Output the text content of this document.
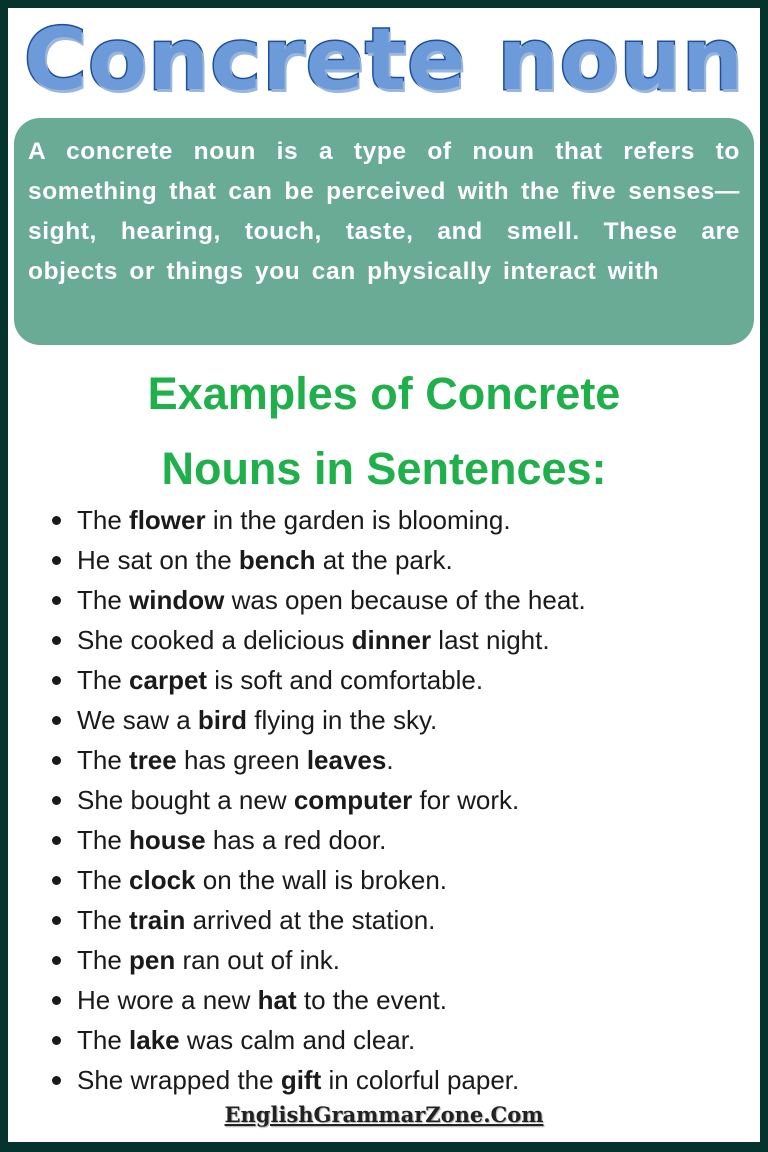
Concrete noun
A concrete noun is a type of noun that refers to something that can be perceived with the five senses—sight, hearing, touch, taste, and smell. These are objects or things you can physically interact with
Examples of Concrete
Nouns in Sentences:
The flower in the garden is blooming.
He sat on the bench at the park.
The window was open because of the heat.
She cooked a delicious dinner last night.
The carpet is soft and comfortable.
We saw a bird flying in the sky.
The tree has green leaves.
She bought a new computer for work.
The house has a red door.
The clock on the wall is broken.
The train arrived at the station.
The pen ran out of ink.
He wore a new hat to the event.
The lake was calm and clear.
She wrapped the gift in colorful paper.
EnglishGrammarZone.Com
